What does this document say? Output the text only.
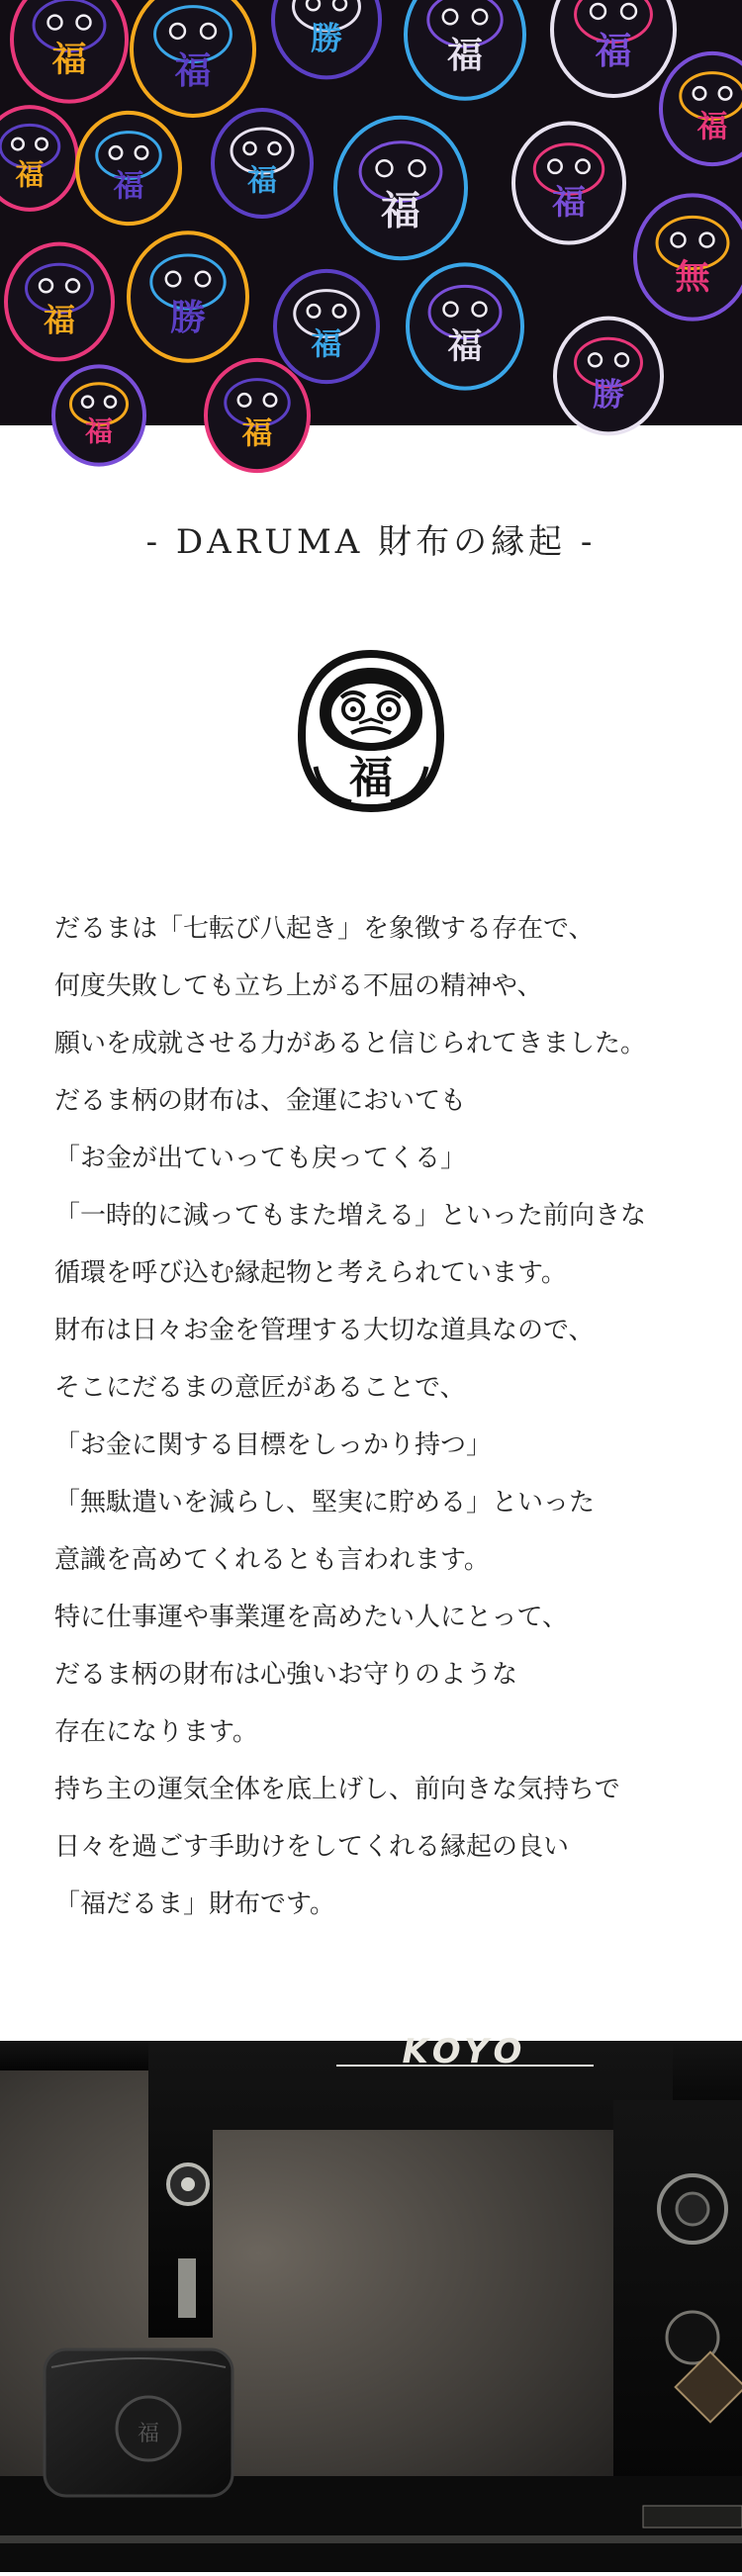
福 福
勝	福	福
福
福 福	福
福	福
無
福	勝
福	福
勝
福	福
- DARUMA 財布の縁起 -
福
だるまは「七転び八起き」を象徴する存在で、
何度失敗しても立ち上がる不屈の精神や、
願いを成就させる力があると信じられてきました。
だるま柄の財布は、金運においても
「お金が出ていっても戻ってくる」
「一時的に減ってもまた増える」といった前向きな
循環を呼び込む縁起物と考えられています。
財布は日々お金を管理する大切な道具なので、
そこにだるまの意匠があることで、
「お金に関する目標をしっかり持つ」
「無駄遣いを減らし、堅実に貯める」といった
意識を高めてくれるとも言われます。
特に仕事運や事業運を高めたい人にとって、
だるま柄の財布は心強いお守りのような
存在になります。
持ち主の運気全体を底上げし、前向きな気持ちで
日々を過ごす手助けをしてくれる縁起の良い
「福だるま」財布です。
KOYO
福
